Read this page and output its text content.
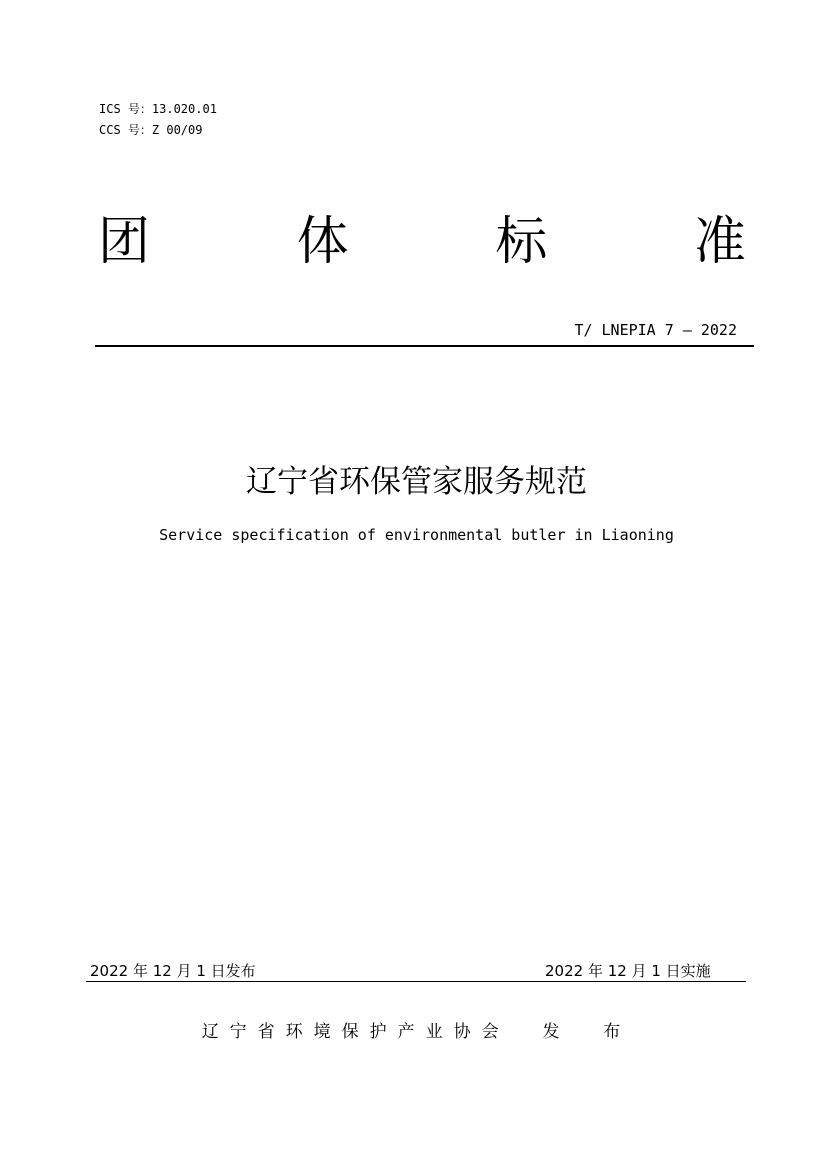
ICS 号：13.020.01
CCS 号：Z 00/09
团	体	标	准
T/ LNEPIA 7 – 2022
辽宁省环保管家服务规范
Service specification of environmental butler in Liaoning
2022 年 12 月 1 日发布	2022 年 12 月 1 日实施
辽宁省环境保护产业协会  发  布
